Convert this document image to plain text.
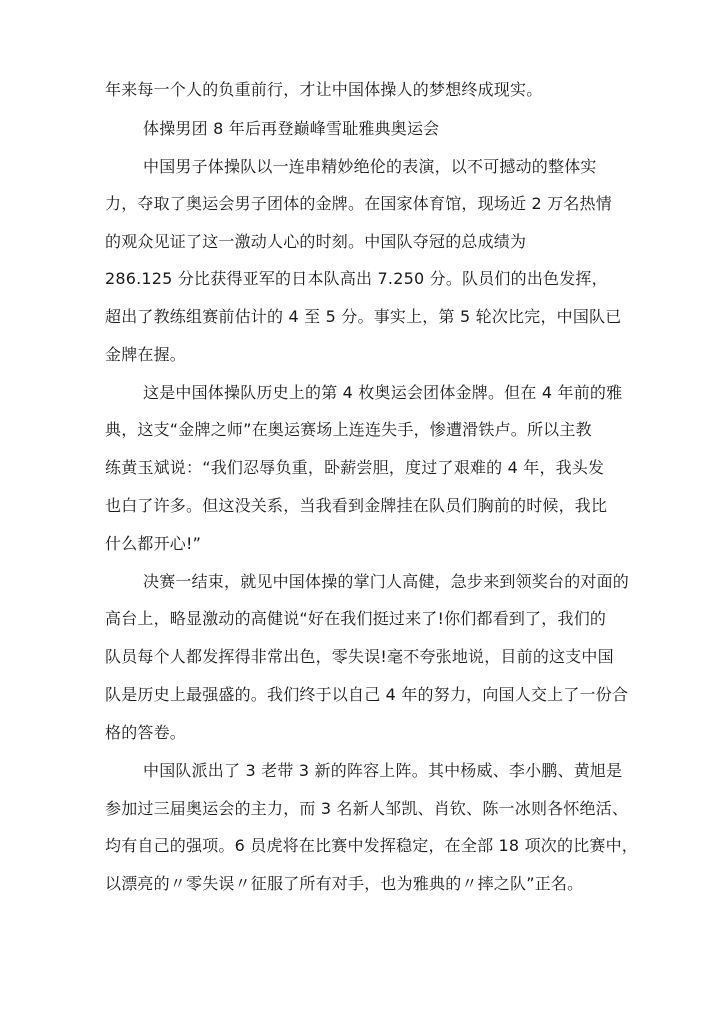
年来每一个人的负重前行，才让中国体操人的梦想终成现实。
体操男团 8 年后再登巅峰雪耻雅典奥运会
中国男子体操队以一连串精妙绝伦的表演，以不可撼动的整体实
力，夺取了奥运会男子团体的金牌。在国家体育馆，现场近 2 万名热情
的观众见证了这一激动人心的时刻。中国队夺冠的总成绩为
286.125 分比获得亚军的日本队高出 7.250 分。队员们的出色发挥，
超出了教练组赛前估计的 4 至 5 分。事实上，第 5 轮次比完，中国队已
金牌在握。
这是中国体操队历史上的第 4 枚奥运会团体金牌。但在 4 年前的雅
典，这支“金牌之师”在奥运赛场上连连失手，惨遭滑铁卢。所以主教
练黄玉斌说：“我们忍辱负重，卧薪尝胆，度过了艰难的 4 年，我头发
也白了许多。但这没关系，当我看到金牌挂在队员们胸前的时候，我比
什么都开心!”
决赛一结束，就见中国体操的掌门人高健，急步来到领奖台的对面的
高台上，略显激动的高健说“好在我们挺过来了!你们都看到了，我们的
队员每个人都发挥得非常出色，零失误!毫不夸张地说，目前的这支中国
队是历史上最强盛的。我们终于以自己 4 年的努力，向国人交上了一份合
格的答卷。
中国队派出了 3 老带 3 新的阵容上阵。其中杨威、李小鹏、黄旭是
参加过三届奥运会的主力，而 3 名新人邹凯、肖钦、陈一冰则各怀绝活、
均有自己的强项。6 员虎将在比赛中发挥稳定，在全部 18 项次的比赛中，
以漂亮的〃零失误〃征服了所有对手，也为雅典的〃摔之队”正名。
